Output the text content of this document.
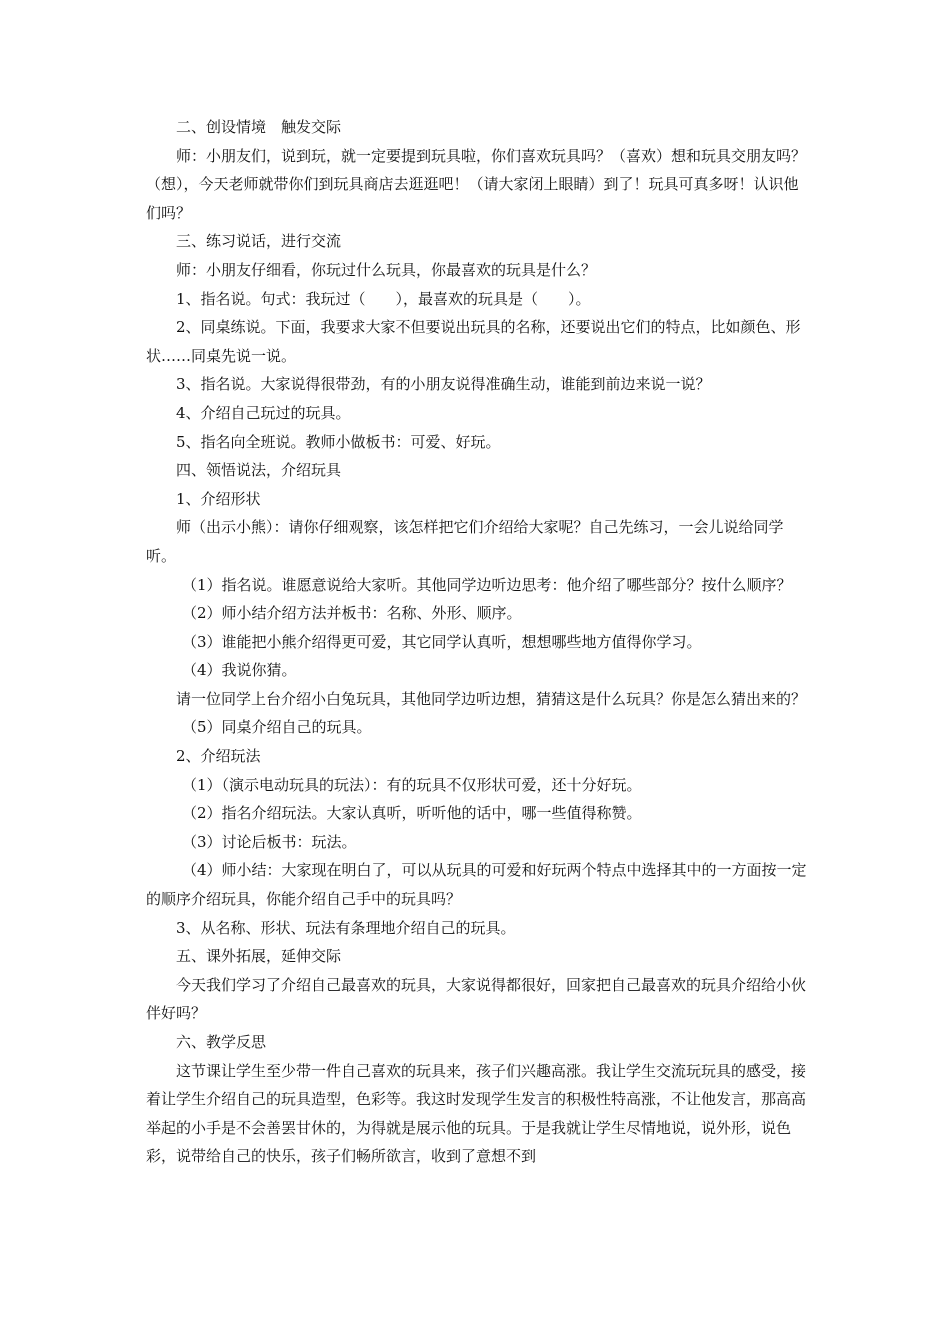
二、创设情境　触发交际

师：小朋友们，说到玩，就一定要提到玩具啦，你们喜欢玩具吗？（喜欢）想和玩具交朋友吗？（想），今天老师就带你们到玩具商店去逛逛吧！（请大家闭上眼睛）到了！玩具可真多呀！认识他们吗？

三、练习说话，进行交流

师：小朋友仔细看，你玩过什么玩具，你最喜欢的玩具是什么？

1、指名说。句式：我玩过（　　），最喜欢的玩具是（　　）。

2、同桌练说。下面，我要求大家不但要说出玩具的名称，还要说出它们的特点，比如颜色、形状……同桌先说一说。

3、指名说。大家说得很带劲，有的小朋友说得准确生动，谁能到前边来说一说？

4、介绍自己玩过的玩具。

5、指名向全班说。教师小做板书：可爱、好玩。

四、领悟说法，介绍玩具

1、介绍形状

师（出示小熊）：请你仔细观察，该怎样把它们介绍给大家呢？自己先练习，一会儿说给同学听。

（1）指名说。谁愿意说给大家听。其他同学边听边思考：他介绍了哪些部分？按什么顺序？

（2）师小结介绍方法并板书：名称、外形、顺序。

（3）谁能把小熊介绍得更可爱，其它同学认真听，想想哪些地方值得你学习。

（4）我说你猜。

请一位同学上台介绍小白兔玩具，其他同学边听边想，猜猜这是什么玩具？你是怎么猜出来的？

（5）同桌介绍自己的玩具。

2、介绍玩法

（1）（演示电动玩具的玩法）：有的玩具不仅形状可爱，还十分好玩。

（2）指名介绍玩法。大家认真听，听听他的话中，哪一些值得称赞。

（3）讨论后板书：玩法。

（4）师小结：大家现在明白了，可以从玩具的可爱和好玩两个特点中选择其中的一方面按一定的顺序介绍玩具，你能介绍自己手中的玩具吗？

3、从名称、形状、玩法有条理地介绍自己的玩具。

五、课外拓展，延伸交际

今天我们学习了介绍自己最喜欢的玩具，大家说得都很好，回家把自己最喜欢的玩具介绍给小伙伴好吗？

六、教学反思

这节课让学生至少带一件自己喜欢的玩具来，孩子们兴趣高涨。我让学生交流玩玩具的感受，接着让学生介绍自己的玩具造型，色彩等。我这时发现学生发言的积极性特高涨，不让他发言，那高高举起的小手是不会善罢甘休的，为得就是展示他的玩具。于是我就让学生尽情地说，说外形，说色彩，说带给自己的快乐，孩子们畅所欲言，收到了意想不到
